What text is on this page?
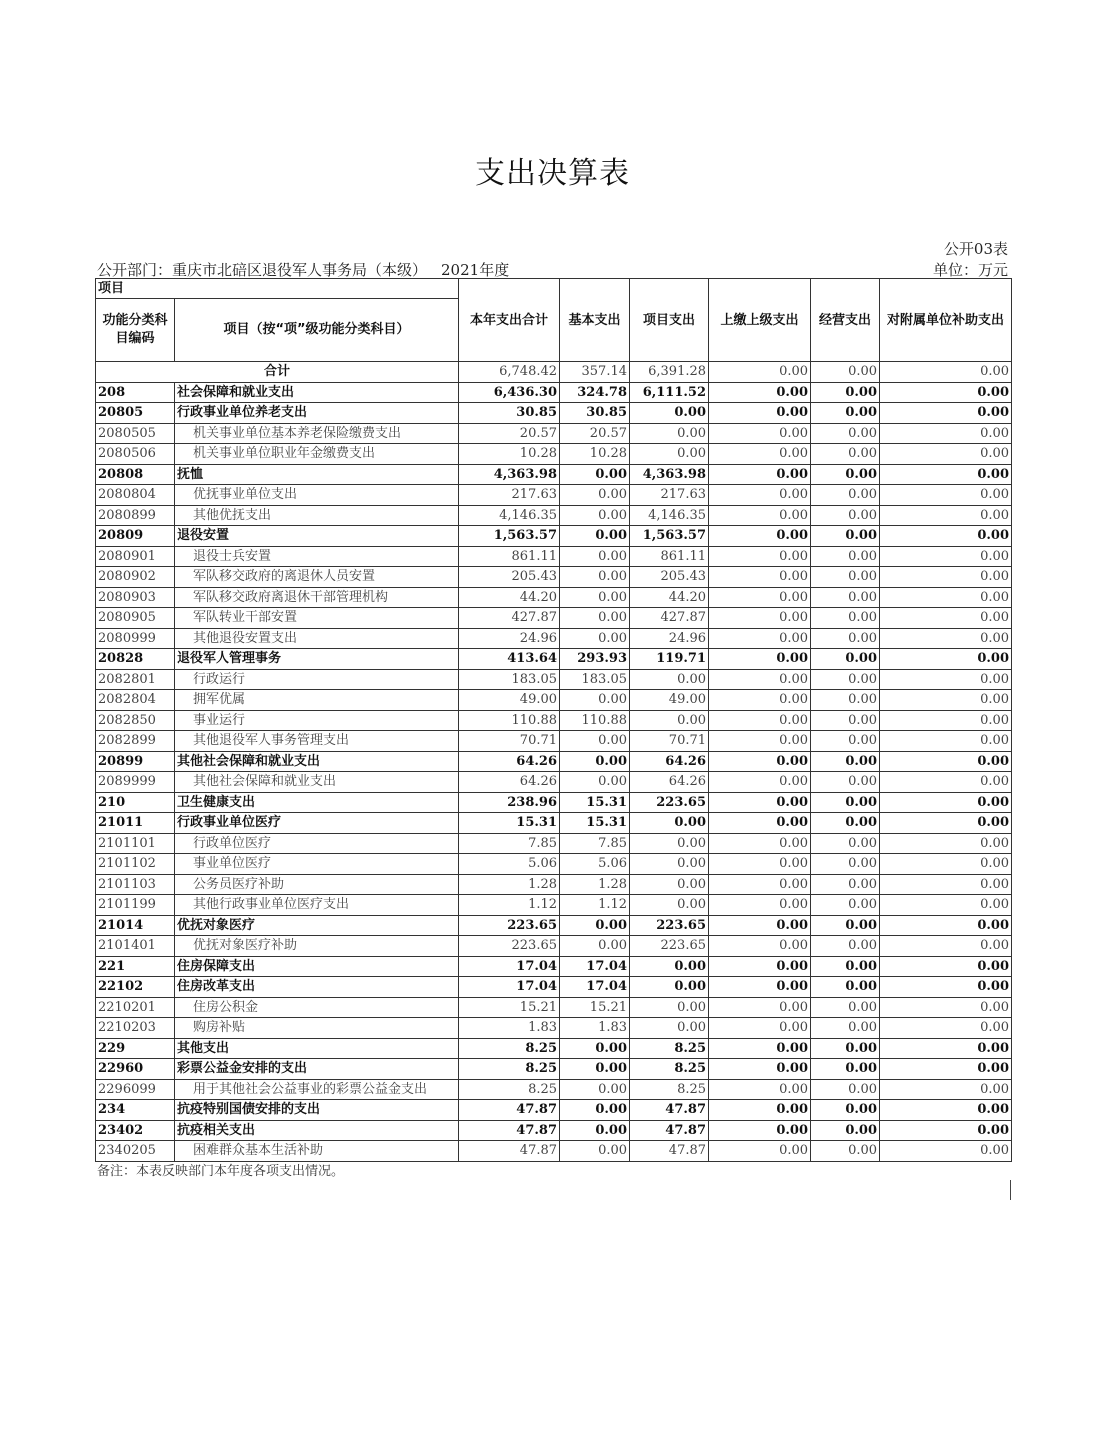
支出决算表
公开03表
公开部门：重庆市北碚区退役军人事务局（本级） 2021年度	单位：万元
项目		本年支出合计	基本支出	项目支出	上缴上级支出	经营支出	对附属单位补助支出
功能分类科目编码	项目（按“项”级功能分类科目）						
合计		6,748.42	357.14	6,391.28	0.00	0.00	0.00
208	社会保障和就业支出	6,436.30	324.78	6,111.52	0.00	0.00	0.00
20805	行政事业单位养老支出	30.85	30.85	0.00	0.00	0.00	0.00
2080505	机关事业单位基本养老保险缴费支出	20.57	20.57	0.00	0.00	0.00	0.00
2080506	机关事业单位职业年金缴费支出	10.28	10.28	0.00	0.00	0.00	0.00
20808	抚恤	4,363.98	0.00	4,363.98	0.00	0.00	0.00
2080804	优抚事业单位支出	217.63	0.00	217.63	0.00	0.00	0.00
2080899	其他优抚支出	4,146.35	0.00	4,146.35	0.00	0.00	0.00
20809	退役安置	1,563.57	0.00	1,563.57	0.00	0.00	0.00
2080901	退役士兵安置	861.11	0.00	861.11	0.00	0.00	0.00
2080902	军队移交政府的离退休人员安置	205.43	0.00	205.43	0.00	0.00	0.00
2080903	军队移交政府离退休干部管理机构	44.20	0.00	44.20	0.00	0.00	0.00
2080905	军队转业干部安置	427.87	0.00	427.87	0.00	0.00	0.00
2080999	其他退役安置支出	24.96	0.00	24.96	0.00	0.00	0.00
20828	退役军人管理事务	413.64	293.93	119.71	0.00	0.00	0.00
2082801	行政运行	183.05	183.05	0.00	0.00	0.00	0.00
2082804	拥军优属	49.00	0.00	49.00	0.00	0.00	0.00
2082850	事业运行	110.88	110.88	0.00	0.00	0.00	0.00
2082899	其他退役军人事务管理支出	70.71	0.00	70.71	0.00	0.00	0.00
20899	其他社会保障和就业支出	64.26	0.00	64.26	0.00	0.00	0.00
2089999	其他社会保障和就业支出	64.26	0.00	64.26	0.00	0.00	0.00
210	卫生健康支出	238.96	15.31	223.65	0.00	0.00	0.00
21011	行政事业单位医疗	15.31	15.31	0.00	0.00	0.00	0.00
2101101	行政单位医疗	7.85	7.85	0.00	0.00	0.00	0.00
2101102	事业单位医疗	5.06	5.06	0.00	0.00	0.00	0.00
2101103	公务员医疗补助	1.28	1.28	0.00	0.00	0.00	0.00
2101199	其他行政事业单位医疗支出	1.12	1.12	0.00	0.00	0.00	0.00
21014	优抚对象医疗	223.65	0.00	223.65	0.00	0.00	0.00
2101401	优抚对象医疗补助	223.65	0.00	223.65	0.00	0.00	0.00
221	住房保障支出	17.04	17.04	0.00	0.00	0.00	0.00
22102	住房改革支出	17.04	17.04	0.00	0.00	0.00	0.00
2210201	住房公积金	15.21	15.21	0.00	0.00	0.00	0.00
2210203	购房补贴	1.83	1.83	0.00	0.00	0.00	0.00
229	其他支出	8.25	0.00	8.25	0.00	0.00	0.00
22960	彩票公益金安排的支出	8.25	0.00	8.25	0.00	0.00	0.00
2296099	用于其他社会公益事业的彩票公益金支出	8.25	0.00	8.25	0.00	0.00	0.00
234	抗疫特别国债安排的支出	47.87	0.00	47.87	0.00	0.00	0.00
23402	抗疫相关支出	47.87	0.00	47.87	0.00	0.00	0.00
2340205	困难群众基本生活补助	47.87	0.00	47.87	0.00	0.00	0.00
备注：本表反映部门本年度各项支出情况。
